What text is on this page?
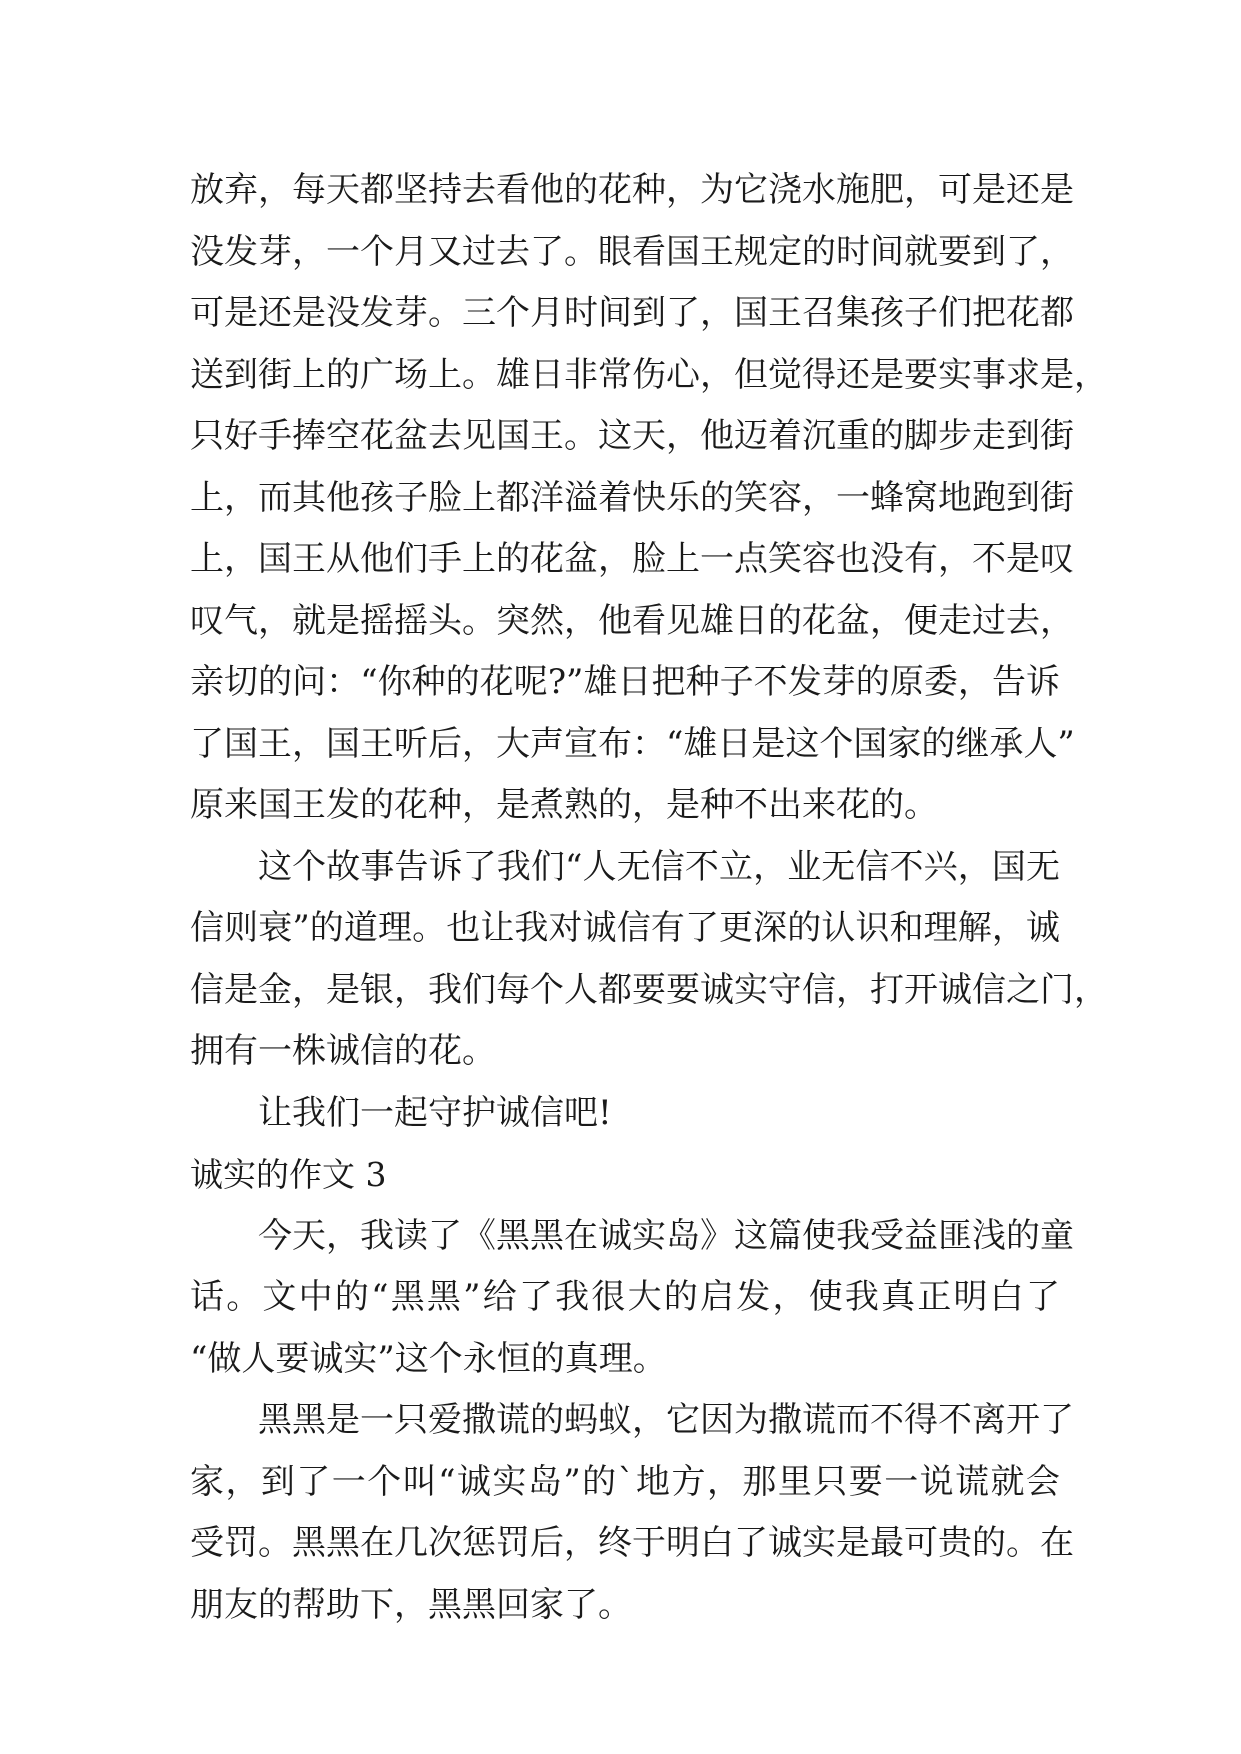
放弃，每天都坚持去看他的花种，为它浇水施肥，可是还是
没发芽，一个月又过去了。眼看国王规定的时间就要到了，
可是还是没发芽。三个月时间到了，国王召集孩子们把花都
送到街上的广场上。雄日非常伤心，但觉得还是要实事求是，
只好手捧空花盆去见国王。这天，他迈着沉重的脚步走到街
上，而其他孩子脸上都洋溢着快乐的笑容，一蜂窝地跑到街
上，国王从他们手上的花盆，脸上一点笑容也没有，不是叹
叹气，就是摇摇头。突然，他看见雄日的花盆，便走过去，
亲切的问：“你种的花呢?”雄日把种子不发芽的原委，告诉
了国王，国王听后，大声宣布：“雄日是这个国家的继承人”
原来国王发的花种，是煮熟的，是种不出来花的。
这个故事告诉了我们“人无信不立，业无信不兴，国无
信则衰”的道理。也让我对诚信有了更深的认识和理解，诚
信是金，是银，我们每个人都要要诚实守信，打开诚信之门，
拥有一株诚信的花。
让我们一起守护诚信吧!
诚实的作文 3
今天，我读了《黑黑在诚实岛》这篇使我受益匪浅的童
话。文中的“黑黑”给了我很大的启发，使我真正明白了
“做人要诚实”这个永恒的真理。
黑黑是一只爱撒谎的蚂蚁，它因为撒谎而不得不离开了
家，到了一个叫“诚实岛”的`地方，那里只要一说谎就会
受罚。黑黑在几次惩罚后，终于明白了诚实是最可贵的。在
朋友的帮助下，黑黑回家了。
